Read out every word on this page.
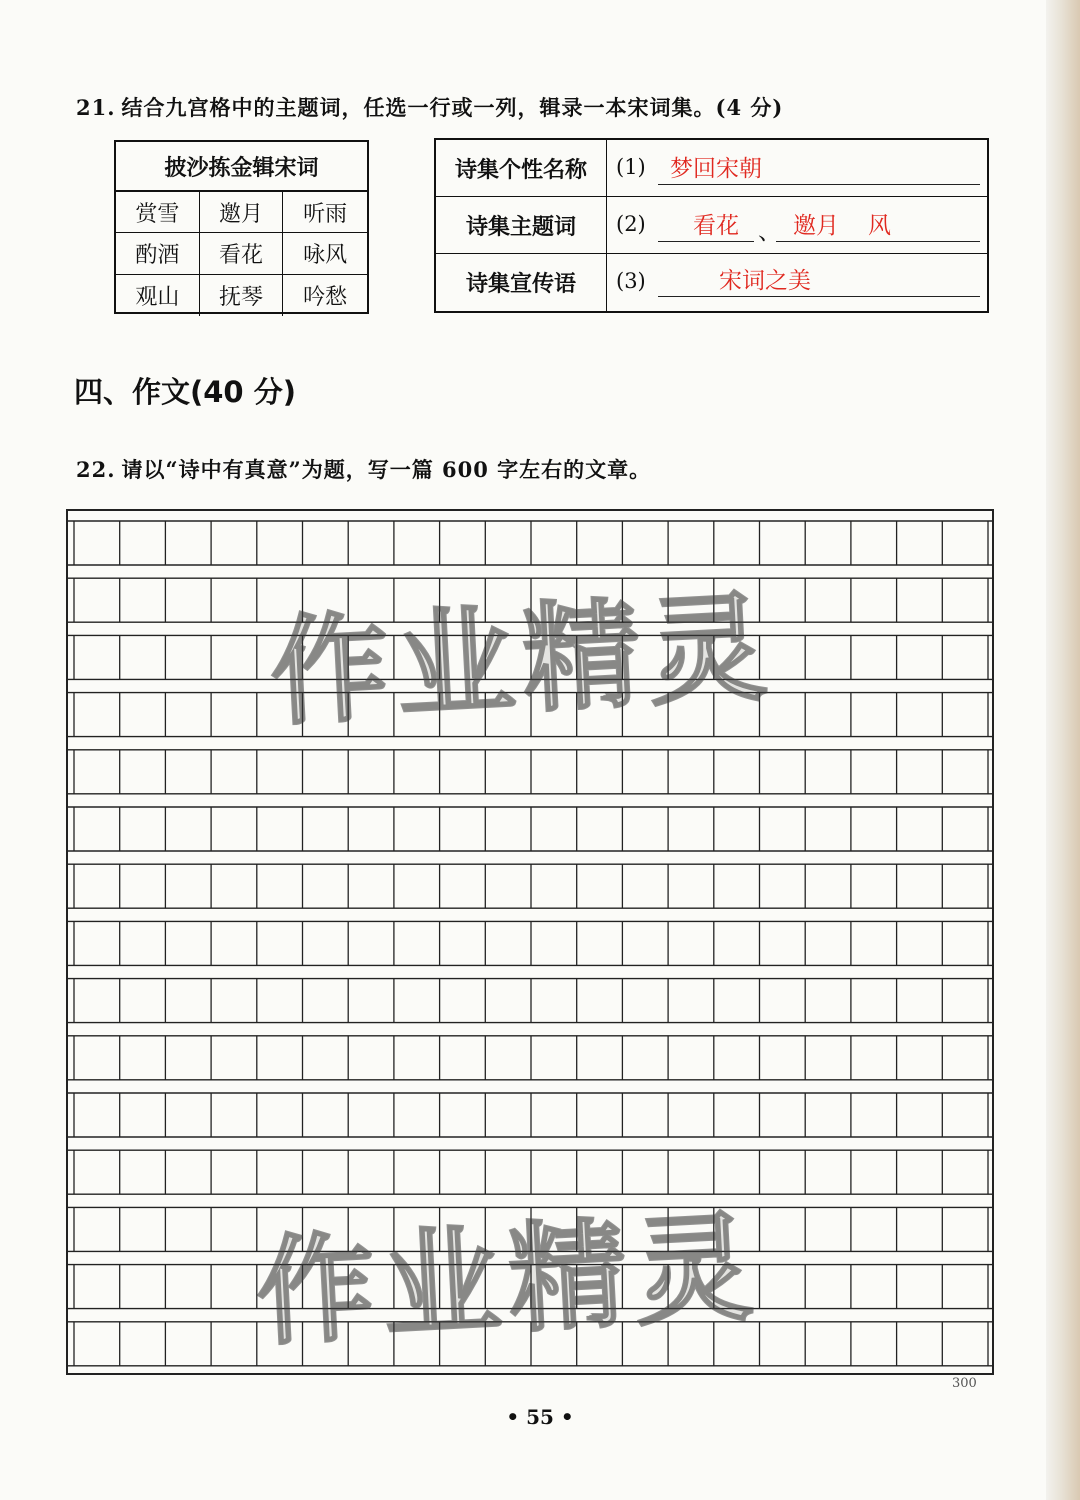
21. 结合九宫格中的主题词，任选一行或一列，辑录一本宋词集。(4 分)
披沙拣金辑宋词
赏雪	邀月	听雨
酌酒	看花	咏风
观山	抚琴	吟愁
诗集个性名称	(1) 梦回宋朝
诗集主题词	(2) 看花 、 邀月 风
诗集宣传语	(3)	宋词之美
四、作文(40 分)
22. 请以“诗中有真意”为题，写一篇 600 字左右的文章。
作业精灵
作业精灵
300
• 55 •
